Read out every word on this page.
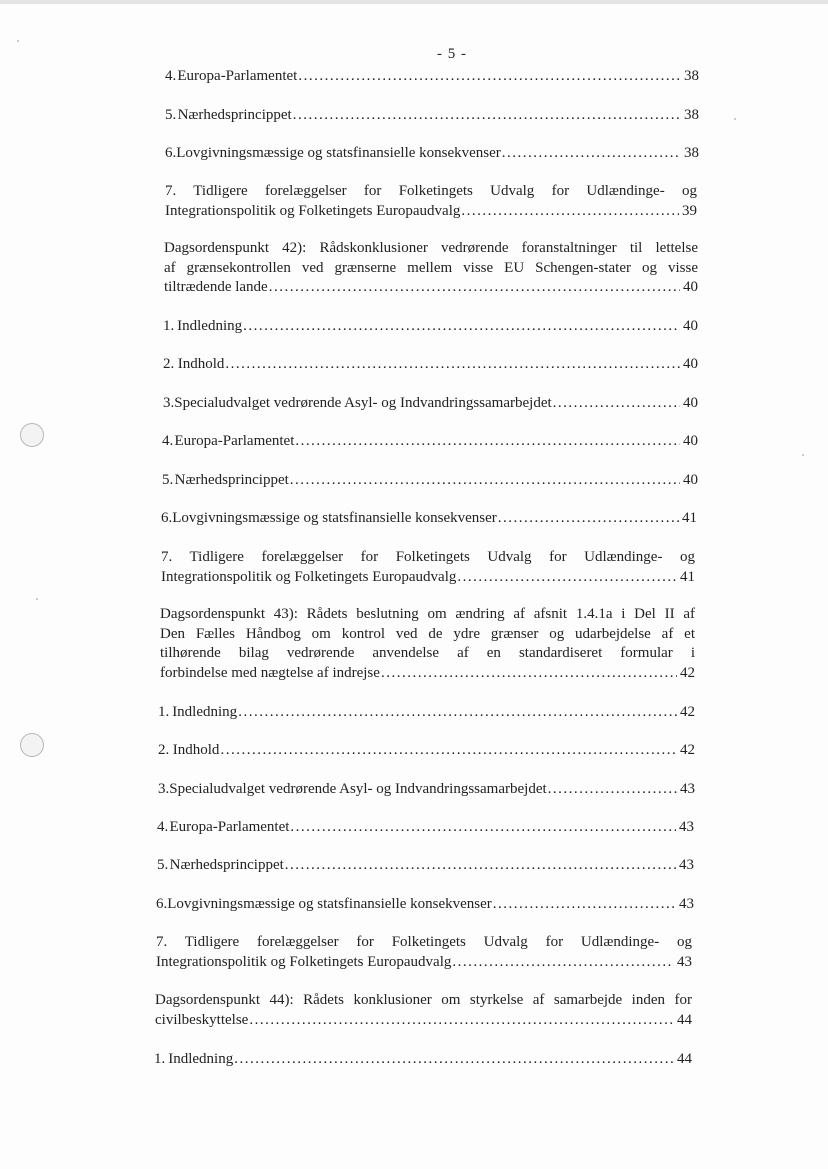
- 5 -
4. Europa-Parlamentet .....	38
5. Nærhedsprincippet .....	38
6. Lovgivningsmæssige og statsfinansielle konsekvenser .....	38
7. Tidligere forelæggelser for Folketingets Udvalg for Udlændinge- og
Integrationspolitik og Folketingets Europaudvalg .....	39
Dagsordenspunkt 42): Rådskonklusioner vedrørende foranstaltninger til lettelse
af grænsekontrollen ved grænserne mellem visse EU Schengen-stater og visse
tiltrædende lande .....	40
1. Indledning .....	40
2. Indhold .....	40
3. Specialudvalget vedrørende Asyl- og Indvandringssamarbejdet .....	40
4. Europa-Parlamentet .....	40
5. Nærhedsprincippet .....	40
6. Lovgivningsmæssige og statsfinansielle konsekvenser .....	41
7. Tidligere forelæggelser for Folketingets Udvalg for Udlændinge- og
Integrationspolitik og Folketingets Europaudvalg .....	41
Dagsordenspunkt 43): Rådets beslutning om ændring af afsnit 1.4.1a i Del II af
Den Fælles Håndbog om kontrol ved de ydre grænser og udarbejdelse af et
tilhørende bilag vedrørende anvendelse af en standardiseret formular i
forbindelse med nægtelse af indrejse .....	42
1. Indledning .....	42
2. Indhold .....	42
3. Specialudvalget vedrørende Asyl- og Indvandringssamarbejdet .....	43
4. Europa-Parlamentet .....	43
5. Nærhedsprincippet .....	43
6. Lovgivningsmæssige og statsfinansielle konsekvenser .....	43
7. Tidligere forelæggelser for Folketingets Udvalg for Udlændinge- og
Integrationspolitik og Folketingets Europaudvalg .....	43
Dagsordenspunkt 44): Rådets konklusioner om styrkelse af samarbejde inden for
civilbeskyttelse .....	44
1. Indledning .....	44
